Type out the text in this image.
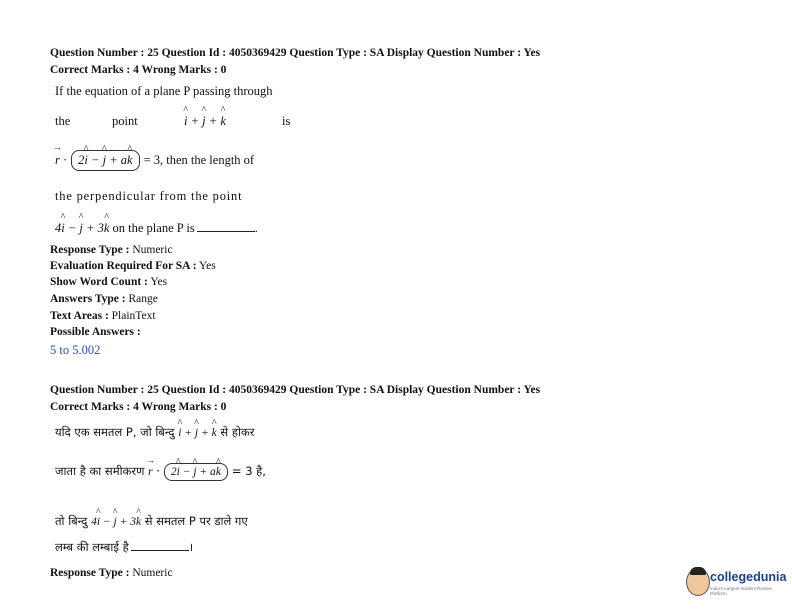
Question Number : 25 Question Id : 4050369429 Question Type : SA Display Question Number : Yes
Correct Marks : 4 Wrong Marks : 0
If the equation of a plane P passing through
the	point	^ i + ^ j + ^ k	is
→ r · 2^ i − ^ j + a^ k = 3, then the length of
the perpendicular from the point
4^ i − ^ j + 3^ k on the plane P is	.
Response Type : Numeric
Evaluation Required For SA : Yes
Show Word Count : Yes
Answers Type : Range
Text Areas : PlainText
Possible Answers :
5 to 5.002
Question Number : 25 Question Id : 4050369429 Question Type : SA Display Question Number : Yes
Correct Marks : 4 Wrong Marks : 0
यदि एक समतल P, जो बिन्दु ^ i + ^ j + ^ k से होकर
जाता है का समीकरण → r · 2^ i − ^ j + a^ k = 3 है,
तो बिन्दु 4^ i − ^ j + 3^ k से समतल P पर डाले गए
लम्ब की लम्बाई है	।
Response Type : Numeric	collegedunia
India's Largest Student Review Platform
